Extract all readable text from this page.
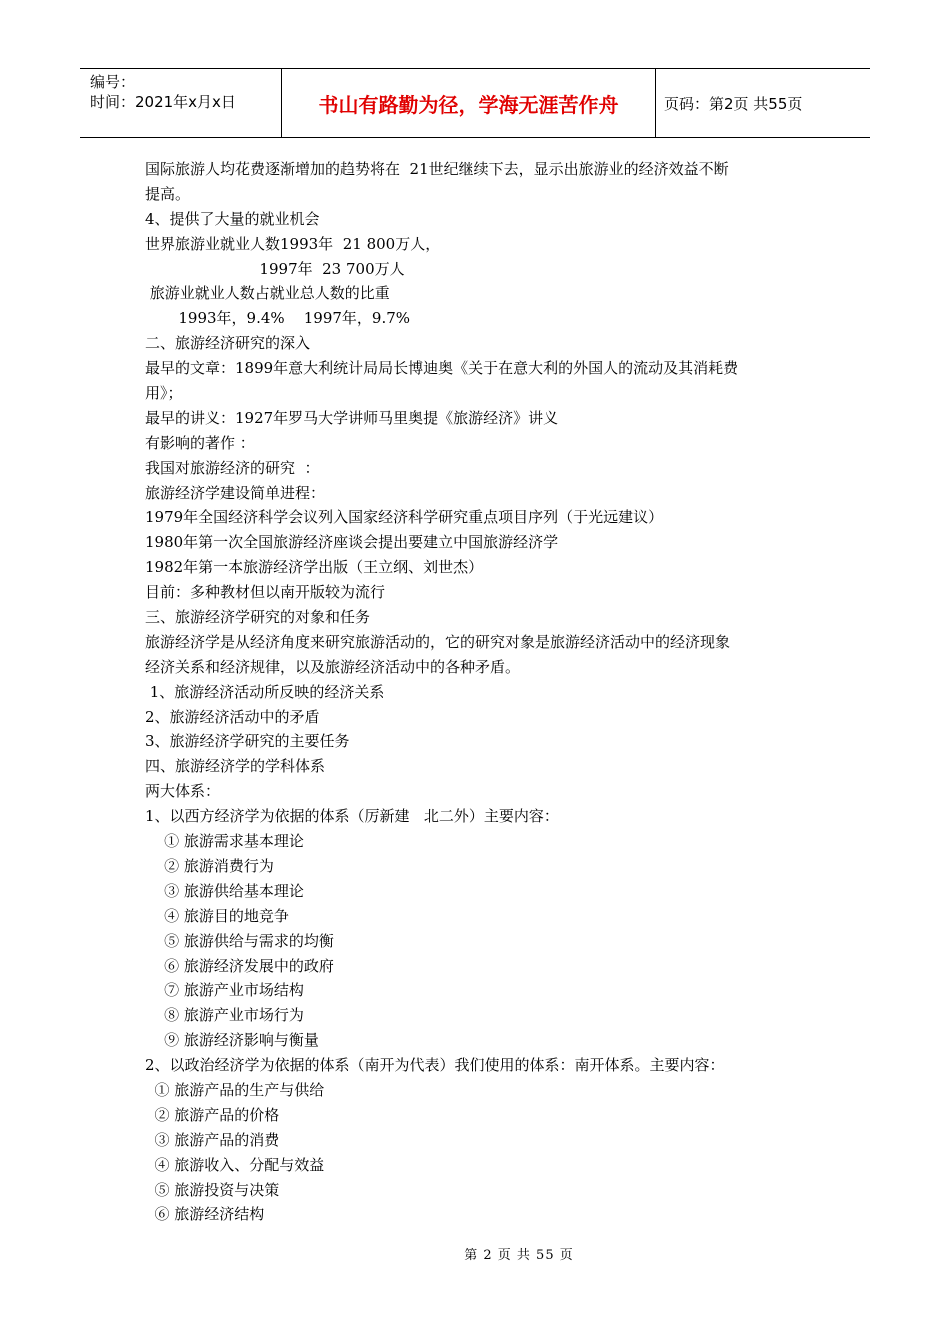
编号：
时间：2021年x月x日	书山有路勤为径，学海无涯苦作舟	页码：第2页 共55页
国际旅游人均花费逐渐增加的趋势将在  21世纪继续下去，显示出旅游业的经济效益不断
提高。
4、提供了大量的就业机会
世界旅游业就业人数1993年  21 800万人，
1997年  23 700万人
旅游业就业人数占就业总人数的比重
1993年，9.4%    1997年，9.7%
二、旅游经济研究的深入
最早的文章：1899年意大利统计局局长博迪奥《关于在意大利的外国人的流动及其消耗费
用》；
最早的讲义：1927年罗马大学讲师马里奥提《旅游经济》讲义
有影响的著作 ：
我国对旅游经济的研究  ：
旅游经济学建设简单进程：
1979年全国经济科学会议列入国家经济科学研究重点项目序列（于光远建议）
1980年第一次全国旅游经济座谈会提出要建立中国旅游经济学
1982年第一本旅游经济学出版（王立纲、刘世杰）
目前：多种教材但以南开版较为流行
三、旅游经济学研究的对象和任务
旅游经济学是从经济角度来研究旅游活动的，它的研究对象是旅游经济活动中的经济现象
经济关系和经济规律，以及旅游经济活动中的各种矛盾。
1、旅游经济活动所反映的经济关系
2、旅游经济活动中的矛盾
3、旅游经济学研究的主要任务
四、旅游经济学的学科体系
两大体系：
1、以西方经济学为依据的体系（厉新建   北二外）主要内容：
① 旅游需求基本理论
② 旅游消费行为
③ 旅游供给基本理论
④ 旅游目的地竞争
⑤ 旅游供给与需求的均衡
⑥ 旅游经济发展中的政府
⑦ 旅游产业市场结构
⑧ 旅游产业市场行为
⑨ 旅游经济影响与衡量
2、以政治经济学为依据的体系（南开为代表）我们使用的体系：南开体系。主要内容：
① 旅游产品的生产与供给
② 旅游产品的价格
③ 旅游产品的消费
④ 旅游收入、分配与效益
⑤ 旅游投资与决策
⑥ 旅游经济结构
第 2 页 共 55 页
